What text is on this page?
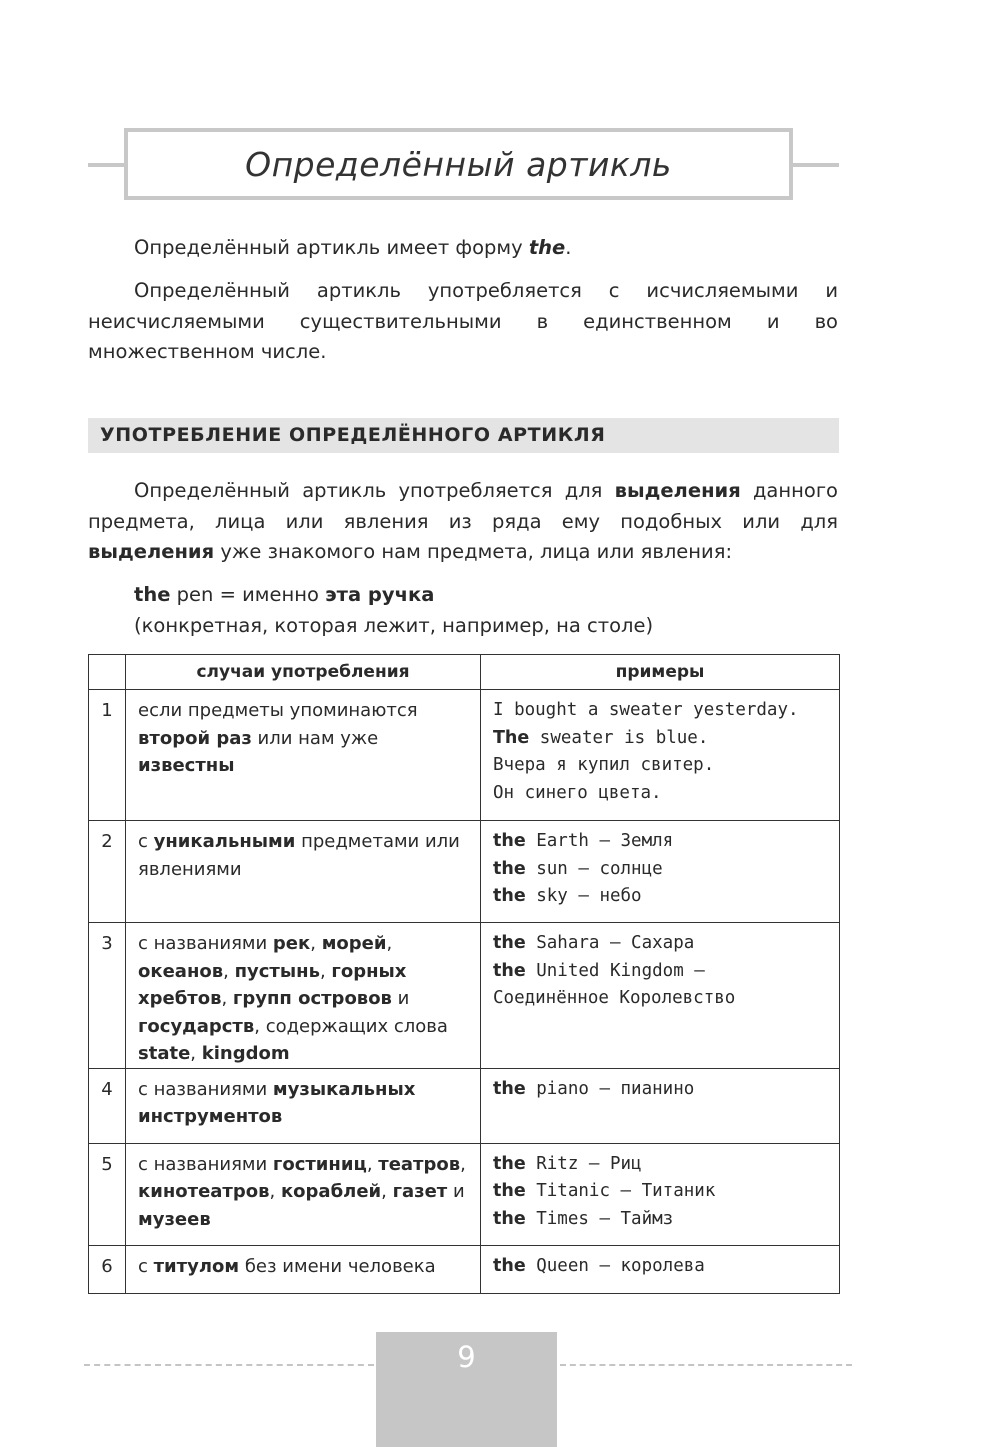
Определённый артикль
Определённый артикль имеет форму the.
Определённый артикль употребляется с исчисляемыми и неисчисляемыми существительными в единственном и во множественном числе.
УПОТРЕБЛЕНИЕ ОПРЕДЕЛЁННОГО АРТИКЛЯ
Определённый артикль употребляется для выделения данного предмета, лица или явления из ряда ему подобных или для выделения уже знакомого нам предмета, лица или явления:
the pen = именно эта ручка
(конкретная, которая лежит, например, на столе)
	случаи употребления	примеры
1	если предметы упоминаются второй раз или нам уже известны	I bought a sweater yesterday.
The sweater is blue.
Вчера я купил свитер.
Он синего цвета.

2	с уникальными предметами или явлениями	the Earth — Земля
the sun — солнце
the sky — небо

3	с названиями рек, морей, океанов, пустынь, горных хребтов, групп островов и государств, содержащих слова state, kingdom	the Sahara — Сахара
the United Kingdom —
Соединённое Королевство

4	с названиями музыкальных инструментов	the piano — пианино

5	с названиями гостиниц, театров, кинотеатров, кораблей, газет и музеев	the Ritz — Риц
the Titanic — Титаник
the Times — Таймз

6	с титулом без имени человека	the Queen — королева
9
